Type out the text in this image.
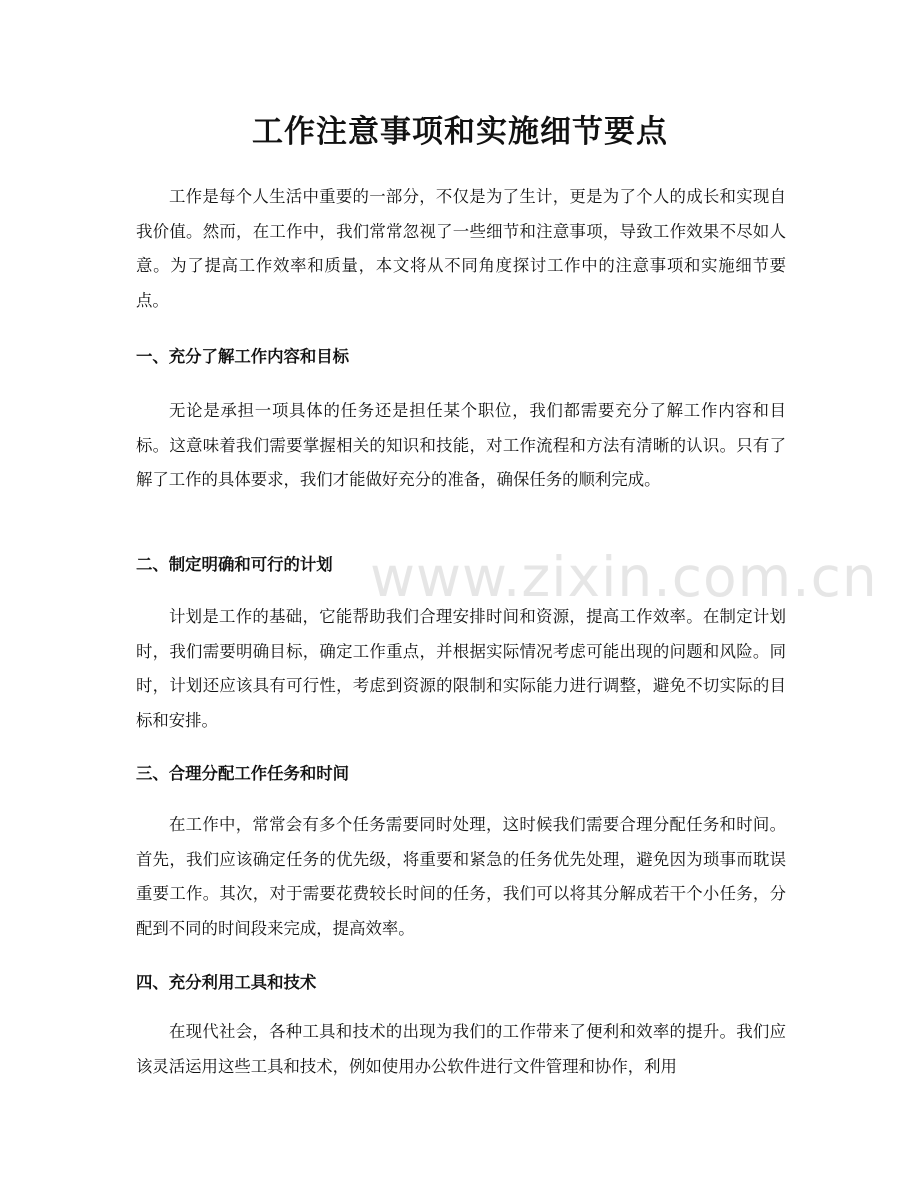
工作注意事项和实施细节要点

工作是每个人生活中重要的一部分，不仅是为了生计，更是为了个人的成长和实现自我价值。然而，在工作中，我们常常忽视了一些细节和注意事项，导致工作效果不尽如人意。为了提高工作效率和质量，本文将从不同角度探讨工作中的注意事项和实施细节要点。

一、充分了解工作内容和目标

无论是承担一项具体的任务还是担任某个职位，我们都需要充分了解工作内容和目标。这意味着我们需要掌握相关的知识和技能，对工作流程和方法有清晰的认识。只有了解了工作的具体要求，我们才能做好充分的准备，确保任务的顺利完成。

二、制定明确和可行的计划

计划是工作的基础，它能帮助我们合理安排时间和资源，提高工作效率。在制定计划时，我们需要明确目标，确定工作重点，并根据实际情况考虑可能出现的问题和风险。同时，计划还应该具有可行性，考虑到资源的限制和实际能力进行调整，避免不切实际的目标和安排。

三、合理分配工作任务和时间

在工作中，常常会有多个任务需要同时处理，这时候我们需要合理分配任务和时间。首先，我们应该确定任务的优先级，将重要和紧急的任务优先处理，避免因为琐事而耽误重要工作。其次，对于需要花费较长时间的任务，我们可以将其分解成若干个小任务，分配到不同的时间段来完成，提高效率。

四、充分利用工具和技术

在现代社会，各种工具和技术的出现为我们的工作带来了便利和效率的提升。我们应该灵活运用这些工具和技术，例如使用办公软件进行文件管理和协作，利用

www.zixin.com.cn
